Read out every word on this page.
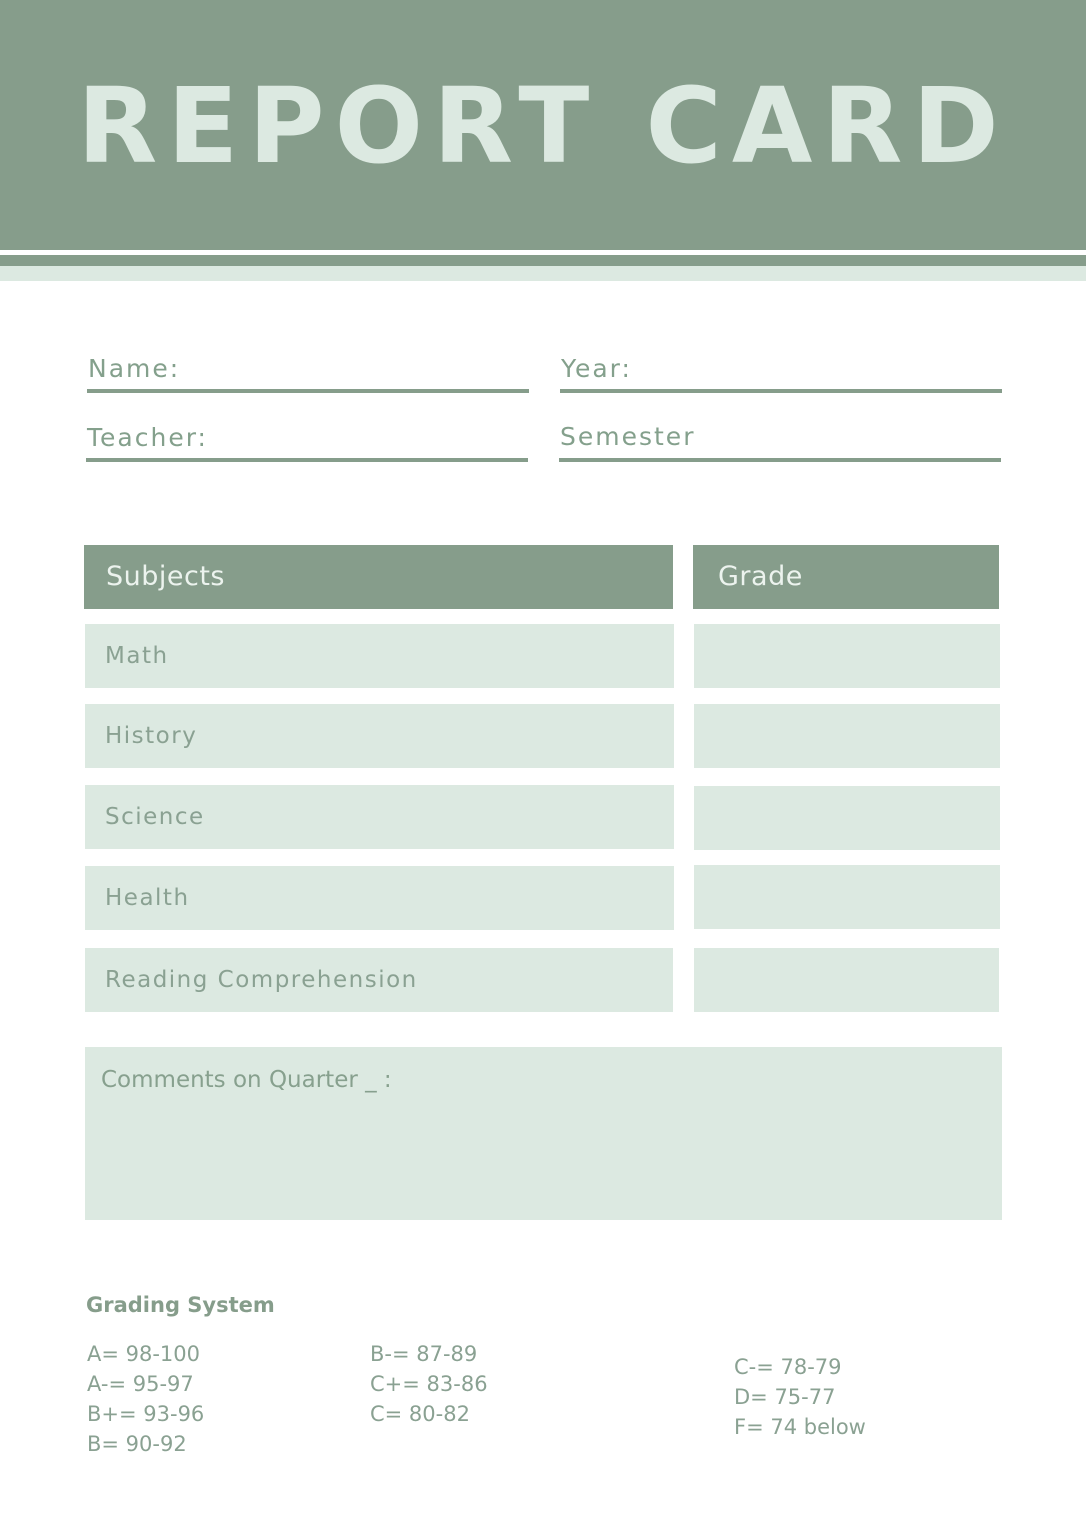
REPORT CARD
Name:	Year:
Teacher:	Semester
Subjects	Grade
Math
History
Science
Health
Reading Comprehension
Comments on Quarter _ :
Grading System
A= 98-100
A-= 95-97
B+= 93-96
B= 90-92
B-= 87-89
C+= 83-86
C= 80-82
C-= 78-79
D= 75-77
F= 74 below
